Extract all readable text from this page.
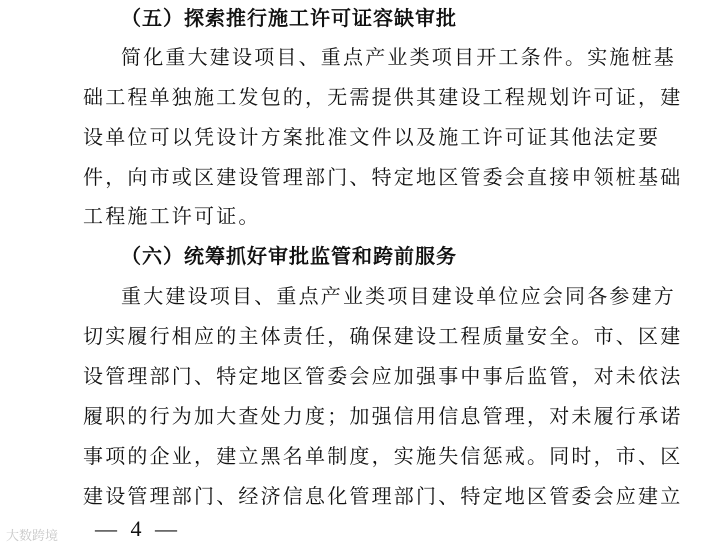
（五）探索推行施工许可证容缺审批
简化重大建设项目、重点产业类项目开工条件。实施桩基
础工程单独施工发包的，无需提供其建设工程规划许可证，建
设单位可以凭设计方案批准文件以及施工许可证其他法定要
件，向市或区建设管理部门、特定地区管委会直接申领桩基础
工程施工许可证。
（六）统筹抓好审批监管和跨前服务
重大建设项目、重点产业类项目建设单位应会同各参建方
切实履行相应的主体责任，确保建设工程质量安全。市、区建
设管理部门、特定地区管委会应加强事中事后监管，对未依法
履职的行为加大查处力度；加强信用信息管理，对未履行承诺
事项的企业，建立黑名单制度，实施失信惩戒。同时，市、区
建设管理部门、经济信息化管理部门、特定地区管委会应建立
— 4 —
大数跨境
